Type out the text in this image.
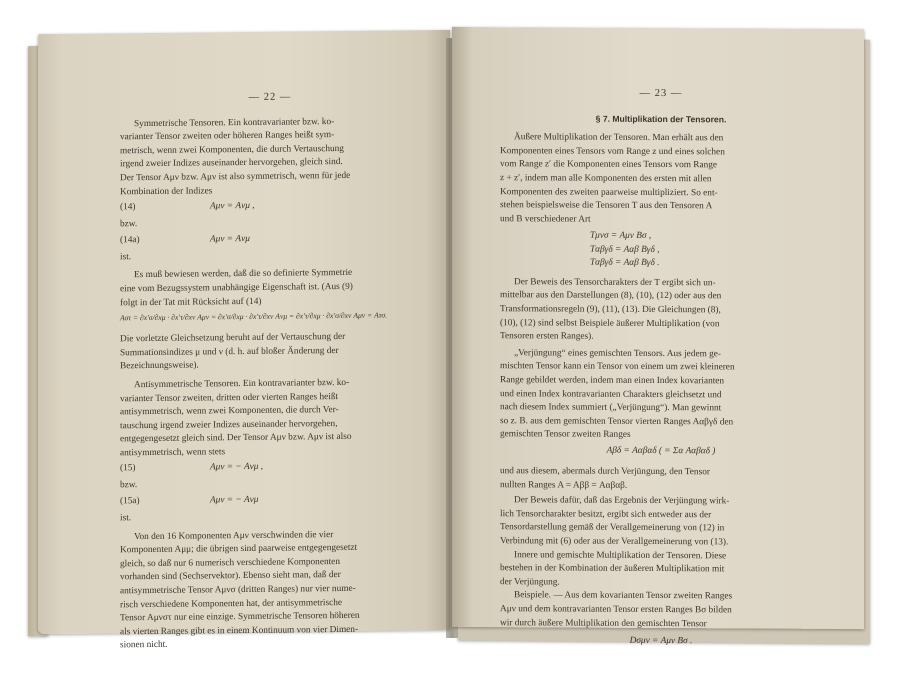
— 22 —

Symmetrische Tensoren. Ein kontravarianter bzw. ko-

varianter Tensor zweiten oder höheren Ranges heißt sym-

metrisch, wenn zwei Komponenten, die durch Vertauschung

irgend zweier Indizes auseinander hervorgehen, gleich sind.

Der Tensor Aμν bzw. Aμν ist also symmetrisch, wenn für jede

Kombination der Indizes

(14)	Aμν = Aνμ ,

bzw.

(14a)	Aμν = Aνμ

ist.

Es muß bewiesen werden, daß die so definierte Symmetrie

eine vom Bezugssystem unabhängige Eigenschaft ist. (Aus (9)

folgt in der Tat mit Rücksicht auf (14)

Aστ = ∂x′σ/∂xμ · ∂x′τ/∂xν Aμν = ∂x′σ/∂xμ · ∂x′τ/∂xν Aνμ = ∂x′τ/∂xμ · ∂x′σ/∂xν Aμν = Aτσ.

Die vorletzte Gleichsetzung beruht auf der Vertauschung der

Summationsindizes μ und ν (d. h. auf bloßer Änderung der

Bezeichnungsweise).

Antisymmetrische Tensoren. Ein kontravarianter bzw. ko-

varianter Tensor zweiten, dritten oder vierten Ranges heißt

antisymmetrisch, wenn zwei Komponenten, die durch Ver-

tauschung irgend zweier Indizes auseinander hervorgehen,

entgegengesetzt gleich sind. Der Tensor Aμν bzw. Aμν ist also

antisymmetrisch, wenn stets

(15)	Aμν = − Aνμ ,

bzw.

(15a)	Aμν = − Aνμ

ist.

Von den 16 Komponenten Aμν verschwinden die vier

Komponenten Aμμ; die übrigen sind paarweise entgegengesetzt

gleich, so daß nur 6 numerisch verschiedene Komponenten

vorhanden sind (Sechservektor). Ebenso sieht man, daß der

antisymmetrische Tensor Aμνσ (dritten Ranges) nur vier nume-

risch verschiedene Komponenten hat, der antisymmetrische

Tensor Aμνστ nur eine einzige. Symmetrische Tensoren höheren

als vierten Ranges gibt es in einem Kontinuum von vier Dimen-

sionen nicht.

— 23 —
§ 7. Multiplikation der Tensoren.

Äußere Multiplikation der Tensoren. Man erhält aus den

Komponenten eines Tensors vom Range z und eines solchen

vom Range z′ die Komponenten eines Tensors vom Range

z + z′, indem man alle Komponenten des ersten mit allen

Komponenten des zweiten paarweise multipliziert. So ent-

stehen beispielsweise die Tensoren T aus den Tensoren A

und B verschiedener Art

Tμνσ = Aμν Bσ ,
Tαβγδ = Aαβ Bγδ ,
Tαβγδ = Aαβ Bγδ .

Der Beweis des Tensorcharakters der T ergibt sich un-

mittelbar aus den Darstellungen (8), (10), (12) oder aus den

Transformationsregeln (9), (11), (13). Die Gleichungen (8),

(10), (12) sind selbst Beispiele äußerer Multiplikation (von

Tensoren ersten Ranges).

„Verjüngung“ eines gemischten Tensors. Aus jedem ge-

mischten Tensor kann ein Tensor von einem um zwei kleineren

Range gebildet werden, indem man einen Index kovarianten

und einen Index kontravarianten Charakters gleichsetzt und

nach diesem Index summiert („Verjüngung“). Man gewinnt

so z. B. aus dem gemischten Tensor vierten Ranges Aαβγδ den

gemischten Tensor zweiten Ranges

Aβδ = Aαβαδ ( = Σα Aαβαδ )

und aus diesem, abermals durch Verjüngung, den Tensor

nullten Ranges A = Aββ = Aαβαβ.

Der Beweis dafür, daß das Ergebnis der Verjüngung wirk-

lich Tensorcharakter besitzt, ergibt sich entweder aus der

Tensordarstellung gemäß der Verallgemeinerung von (12) in

Verbindung mit (6) oder aus der Verallgemeinerung von (13).

Innere und gemischte Multiplikation der Tensoren. Diese

bestehen in der Kombination der äußeren Multiplikation mit

der Verjüngung.

Beispiele. — Aus dem kovarianten Tensor zweiten Ranges

Aμν und dem kontravarianten Tensor ersten Ranges Bσ bilden

wir durch äußere Multiplikation den gemischten Tensor

Dσμν = Aμν Bσ .
